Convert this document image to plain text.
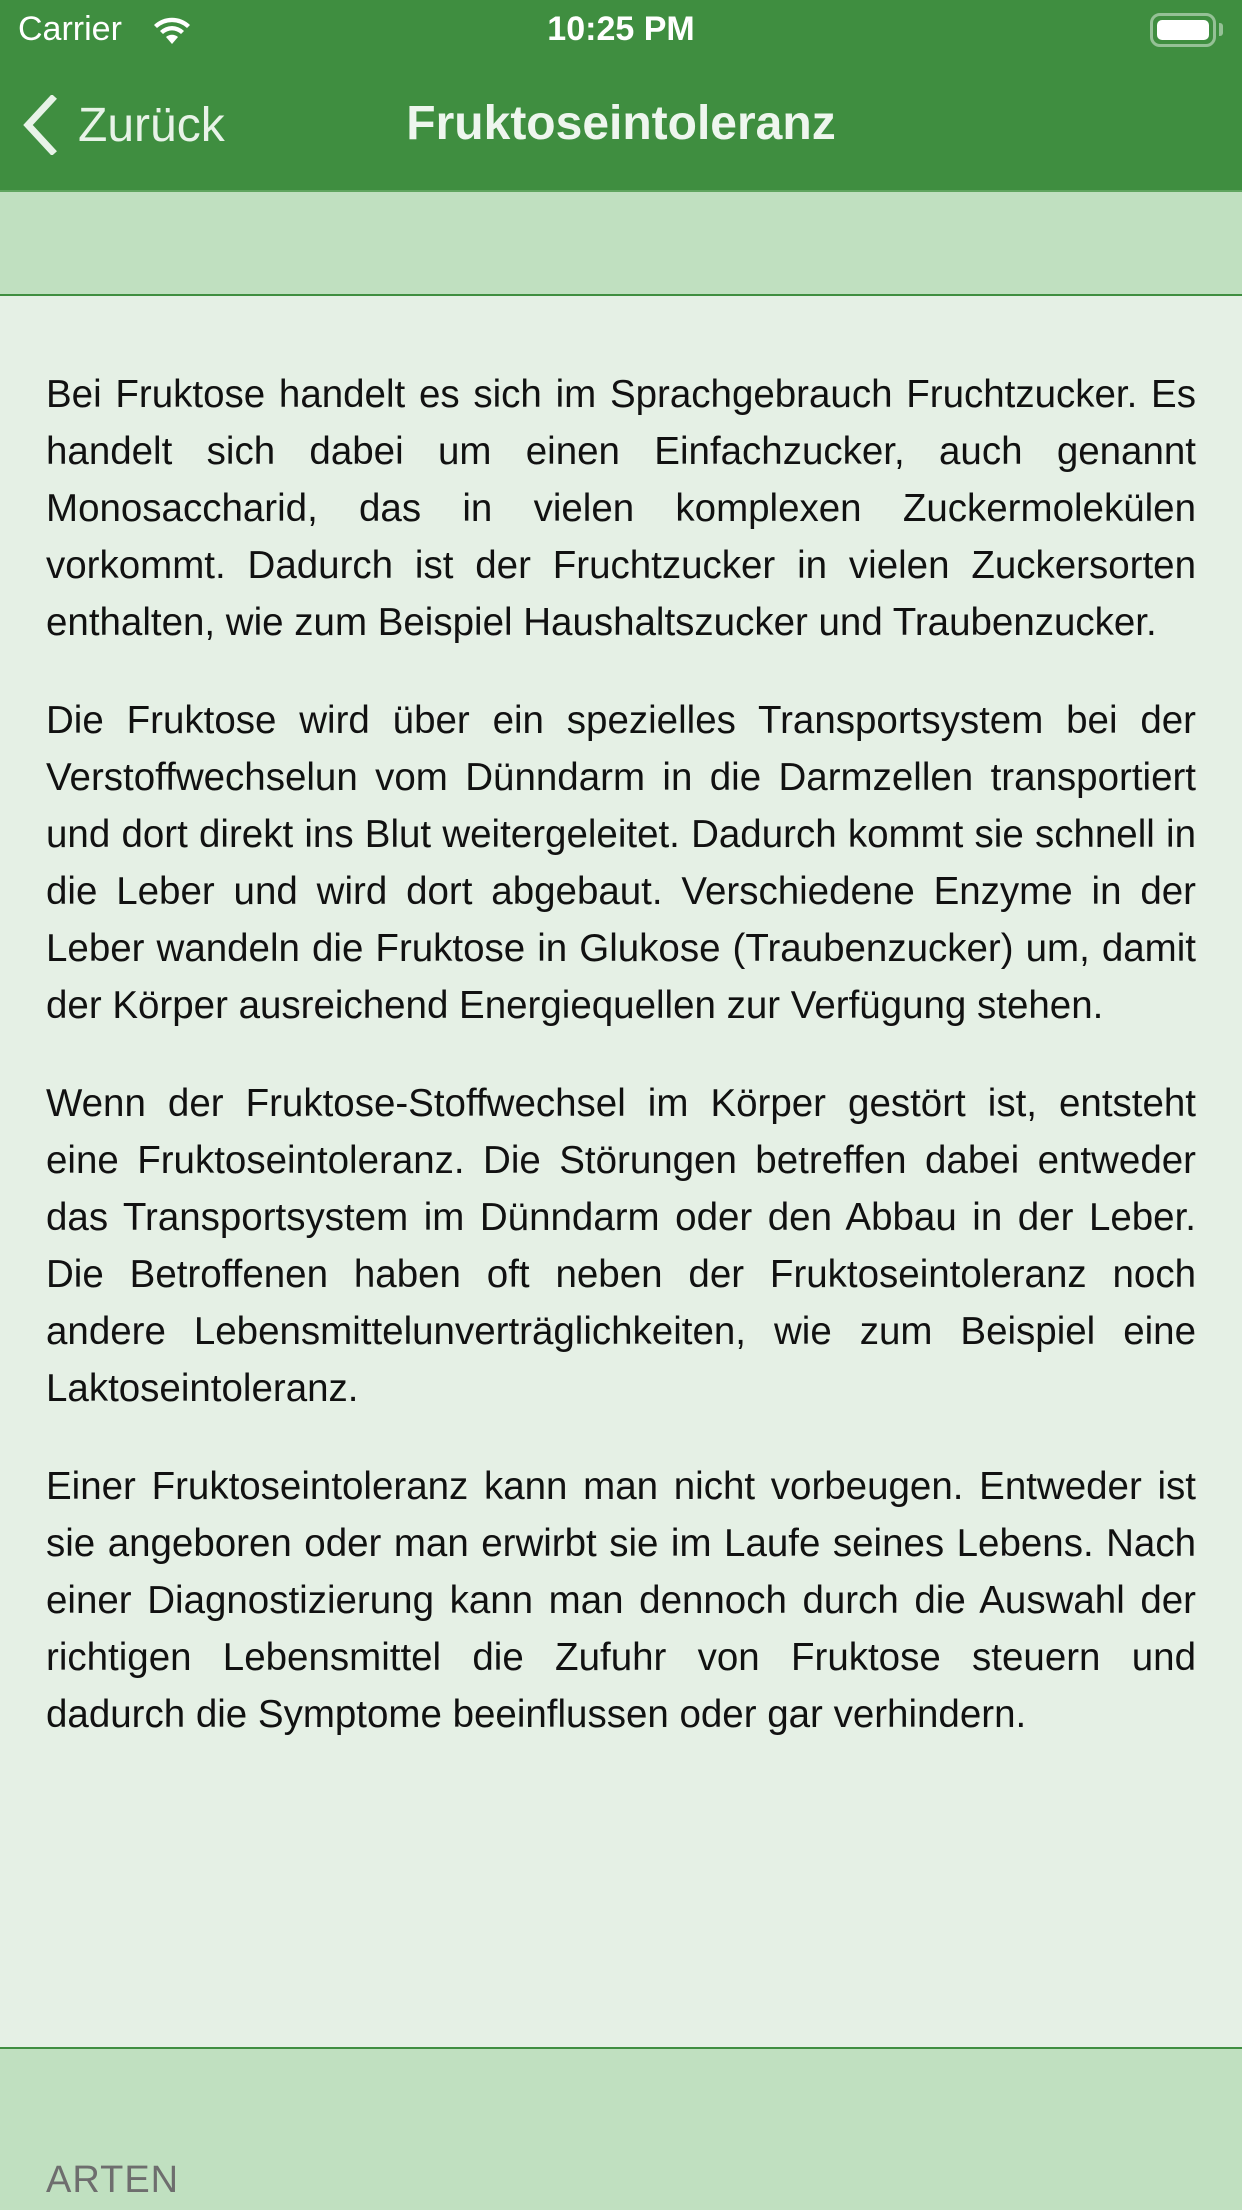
Carrier	10:25 PM
Zurück	Fruktoseintoleranz

Bei Fruktose handelt es sich im Sprachgebrauch Fruchtzucker. Es handelt sich dabei um einen Einfachzucker, auch genannt Monosaccharid, das in vielen komplexen Zuckermolekülen vorkommt. Dadurch ist der Fruchtzucker in vielen Zuckersorten enthalten, wie zum Beispiel Haushaltszucker und Traubenzucker.

Die Fruktose wird über ein spezielles Transportsystem bei der Verstoffwechselun vom Dünndarm in die Darmzellen transportiert und dort direkt ins Blut weitergeleitet. Dadurch kommt sie schnell in die Leber und wird dort abgebaut. Verschiedene Enzyme in der Leber wandeln die Fruktose in Glukose (Traubenzucker) um, damit der Körper ausreichend Energiequellen zur Verfügung stehen.

Wenn der Fruktose-Stoffwechsel im Körper gestört ist, entsteht eine Fruktoseintoleranz. Die Störungen betreffen dabei entweder das Transportsystem im Dünndarm oder den Abbau in der Leber. Die Betroffenen haben oft neben der Fruktoseintoleranz noch andere Lebensmittelunverträglichkeiten, wie zum Beispiel eine Laktoseintoleranz.

Einer Fruktoseintoleranz kann man nicht vorbeugen. Entweder ist sie angeboren oder man erwirbt sie im Laufe seines Lebens. Nach einer Diagnostizierung kann man dennoch durch die Auswahl der richtigen Lebensmittel die Zufuhr von Fruktose steuern und dadurch die Symptome beeinflussen oder gar verhindern.

ARTEN
